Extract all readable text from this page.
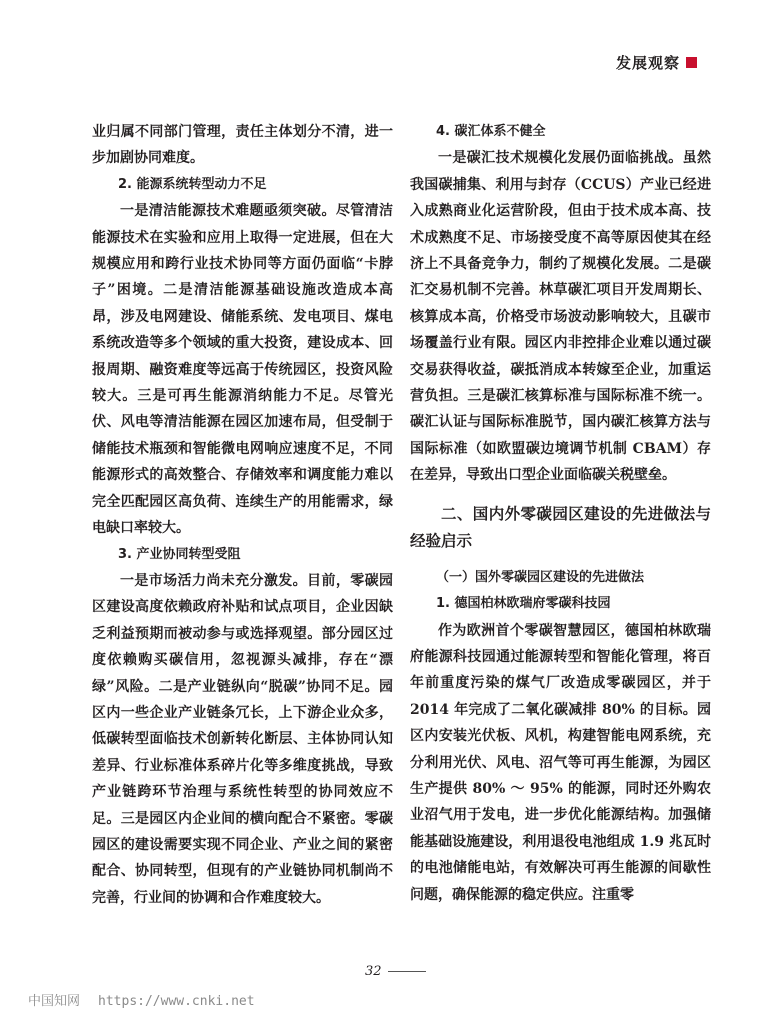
发展观察

业归属不同部门管理，责任主体划分不清，进一步加剧协同难度。

2. 能源系统转型动力不足

一是清洁能源技术难题亟须突破。尽管清洁能源技术在实验和应用上取得一定进展，但在大规模应用和跨行业技术协同等方面仍面临“卡脖子”困境。二是清洁能源基础设施改造成本高昂，涉及电网建设、储能系统、发电项目、煤电系统改造等多个领域的重大投资，建设成本、回报周期、融资难度等远高于传统园区，投资风险较大。三是可再生能源消纳能力不足。尽管光伏、风电等清洁能源在园区加速布局，但受制于储能技术瓶颈和智能微电网响应速度不足，不同能源形式的高效整合、存储效率和调度能力难以完全匹配园区高负荷、连续生产的用能需求，绿电缺口率较大。

3. 产业协同转型受阻

一是市场活力尚未充分激发。目前，零碳园区建设高度依赖政府补贴和试点项目，企业因缺乏利益预期而被动参与或选择观望。部分园区过度依赖购买碳信用，忽视源头减排，存在“漂绿”风险。二是产业链纵向“脱碳”协同不足。园区内一些企业产业链条冗长，上下游企业众多，低碳转型面临技术创新转化断层、主体协同认知差异、行业标准体系碎片化等多维度挑战，导致产业链跨环节治理与系统性转型的协同效应不足。三是园区内企业间的横向配合不紧密。零碳园区的建设需要实现不同企业、产业之间的紧密配合、协同转型，但现有的产业链协同机制尚不完善，行业间的协调和合作难度较大。

4. 碳汇体系不健全

一是碳汇技术规模化发展仍面临挑战。虽然我国碳捕集、利用与封存（CCUS）产业已经进入成熟商业化运营阶段，但由于技术成本高、技术成熟度不足、市场接受度不高等原因使其在经济上不具备竞争力，制约了规模化发展。二是碳汇交易机制不完善。林草碳汇项目开发周期长、核算成本高，价格受市场波动影响较大，且碳市场覆盖行业有限。园区内非控排企业难以通过碳交易获得收益，碳抵消成本转嫁至企业，加重运营负担。三是碳汇核算标准与国际标准不统一。碳汇认证与国际标准脱节，国内碳汇核算方法与国际标准（如欧盟碳边境调节机制 CBAM）存在差异，导致出口型企业面临碳关税壁垒。

二、国内外零碳园区建设的先进做法与经验启示

（一）国外零碳园区建设的先进做法

1. 德国柏林欧瑞府零碳科技园

作为欧洲首个零碳智慧园区，德国柏林欧瑞府能源科技园通过能源转型和智能化管理，将百年前重度污染的煤气厂改造成零碳园区，并于 2014 年完成了二氧化碳减排 80% 的目标。园区内安装光伏板、风机，构建智能电网系统，充分利用光伏、风电、沼气等可再生能源，为园区生产提供 80% ～ 95% 的能源，同时还外购农业沼气用于发电，进一步优化能源结构。加强储能基础设施建设，利用退役电池组成 1.9 兆瓦时的电池储能电站，有效解决可再生能源的间歇性问题，确保能源的稳定供应。注重零

32
中国知网 https://www.cnki.net
